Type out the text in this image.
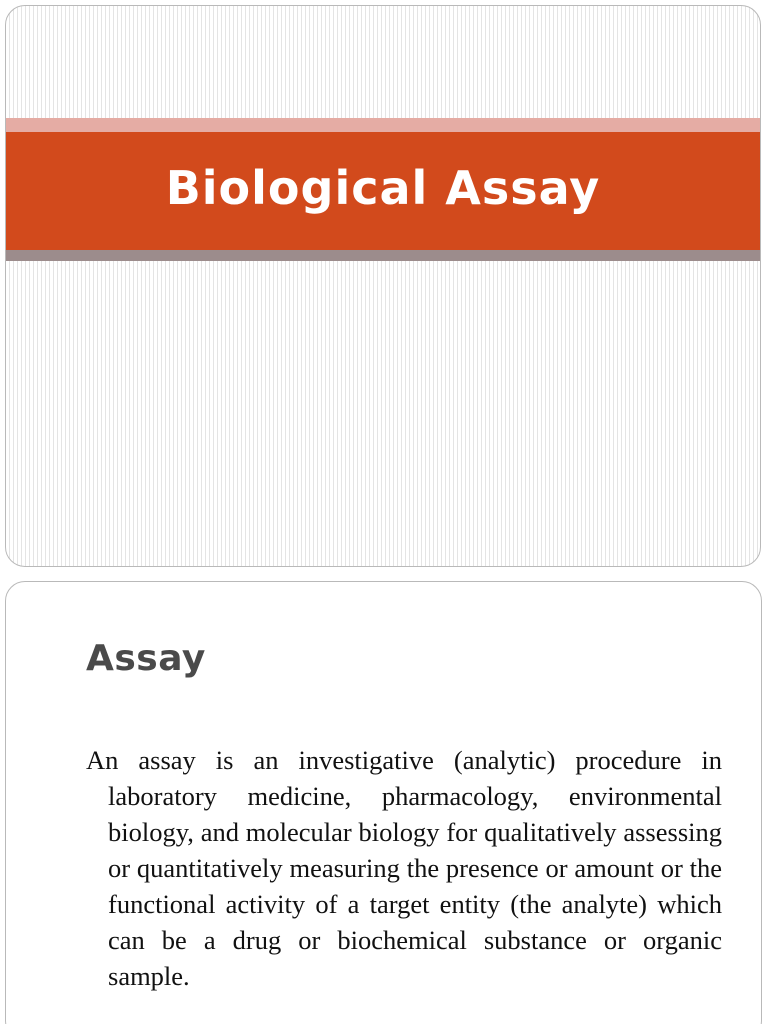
Biological Assay
Assay

An assay is an investigative (analytic) procedure in laboratory medicine, pharmacology, environmental biology, and molecular biology for qualitatively assessing or quantitatively measuring the presence or amount or the functional activity of a target entity (the analyte) which can be a drug or biochemical substance or organic sample.
